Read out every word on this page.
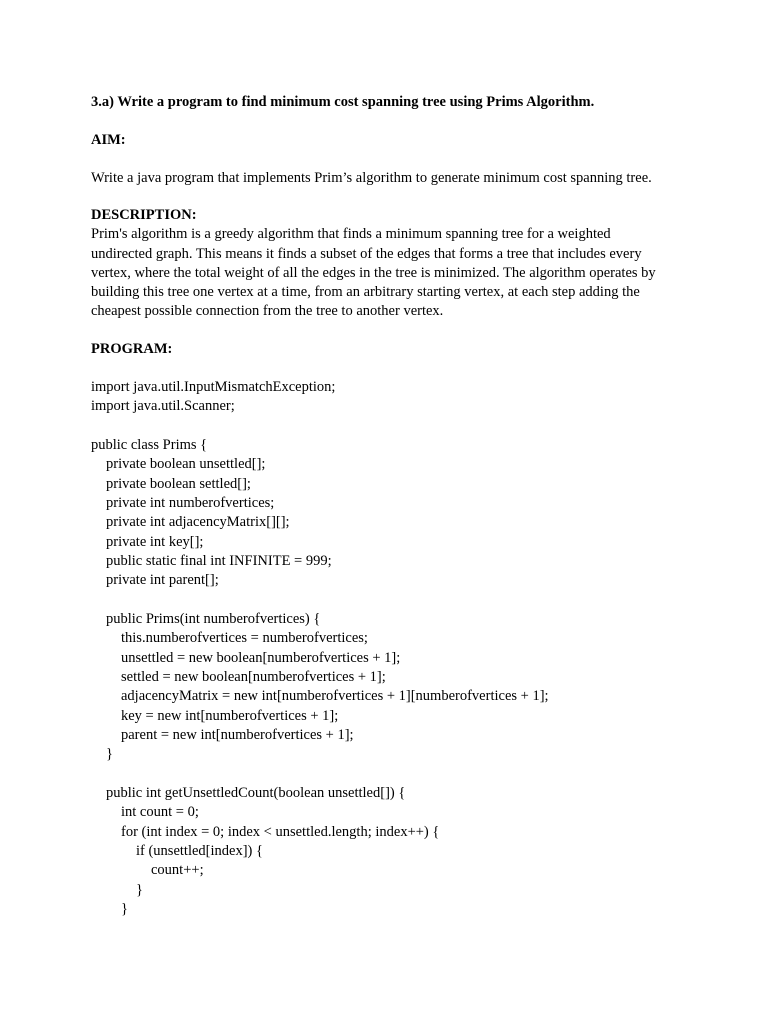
3.a) Write a program to find minimum cost spanning tree using Prims Algorithm.
AIM:
Write a java program that implements Prim’s algorithm to generate minimum cost spanning tree.
DESCRIPTION:
Prim's algorithm is a greedy algorithm that finds a minimum spanning tree for a weighted
undirected graph. This means it finds a subset of the edges that forms a tree that includes every
vertex, where the total weight of all the edges in the tree is minimized. The algorithm operates by
building this tree one vertex at a time, from an arbitrary starting vertex, at each step adding the
cheapest possible connection from the tree to another vertex.
PROGRAM:
import java.util.InputMismatchException;
import java.util.Scanner;
public class Prims {
private boolean unsettled[];
private boolean settled[];
private int numberofvertices;
private int adjacencyMatrix[][];
private int key[];
public static final int INFINITE = 999;
private int parent[];
public Prims(int numberofvertices) {
this.numberofvertices = numberofvertices;
unsettled = new boolean[numberofvertices + 1];
settled = new boolean[numberofvertices + 1];
adjacencyMatrix = new int[numberofvertices + 1][numberofvertices + 1];
key = new int[numberofvertices + 1];
parent = new int[numberofvertices + 1];
}
public int getUnsettledCount(boolean unsettled[]) {
int count = 0;
for (int index = 0; index < unsettled.length; index++) {
if (unsettled[index]) {
count++;
}
}
